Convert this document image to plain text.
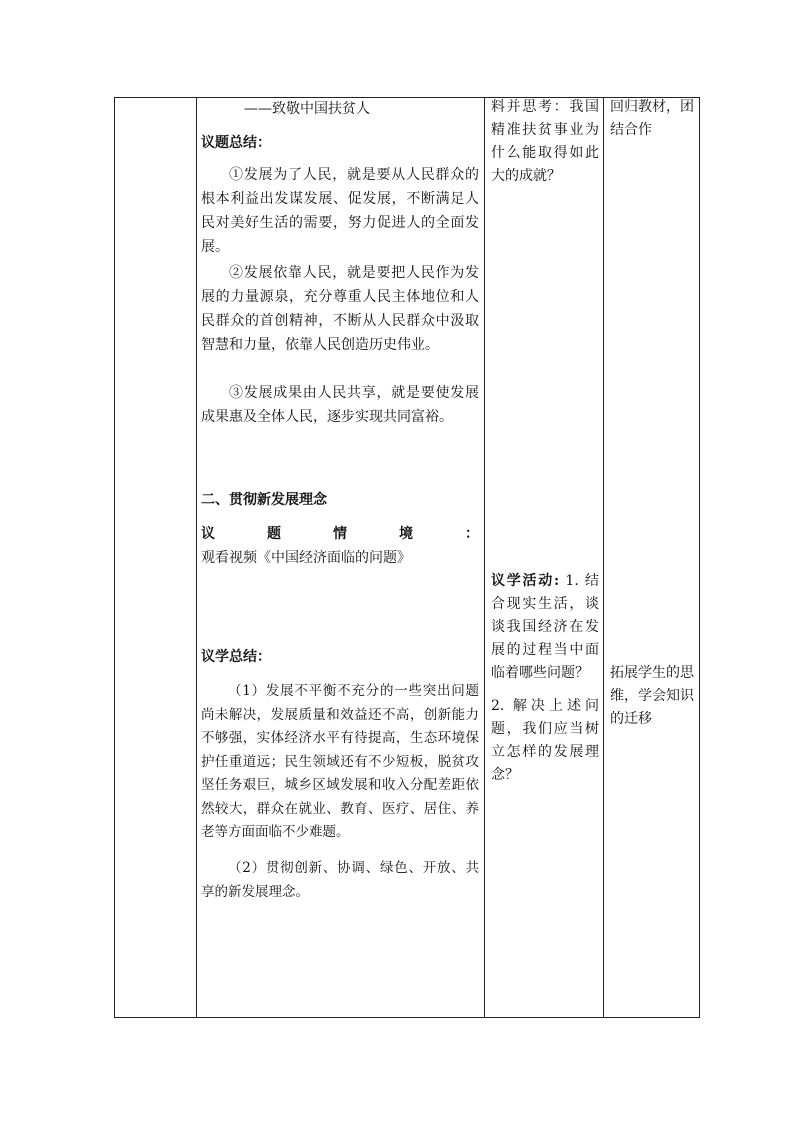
——致敬中国扶贫人

议题总结：

①发展为了人民，就是要从人民群众的根本利益出发谋发展、促发展，不断满足人民对美好生活的需要，努力促进人的全面发展。

②发展依靠人民，就是要把人民作为发展的力量源泉，充分尊重人民主体地位和人民群众的首创精神，不断从人民群众中汲取智慧和力量，依靠人民创造历史伟业。

③发展成果由人民共享，就是要使发展成果惠及全体人民，逐步实现共同富裕。

二、贯彻新发展理念

议题情境：观看视频《中国经济面临的问题》

议学总结：

（1）发展不平衡不充分的一些突出问题尚未解决，发展质量和效益还不高，创新能力不够强，实体经济水平有待提高，生态环境保护任重道远；民生领域还有不少短板，脱贫攻坚任务艰巨，城乡区域发展和收入分配差距依然较大，群众在就业、教育、医疗、居住、养老等方面面临不少难题。

（2）贯彻创新、协调、绿色、开放、共享的新发展理念。

料并思考：我国精准扶贫事业为什么能取得如此大的成就？

议学活动: 1. 结合现实生活，谈谈我国经济在发展的过程当中面临着哪些问题？

2. 解决上述问题，我们应当树立怎样的发展理念？

回归教材，团结合作

拓展学生的思维，学会知识的迁移
